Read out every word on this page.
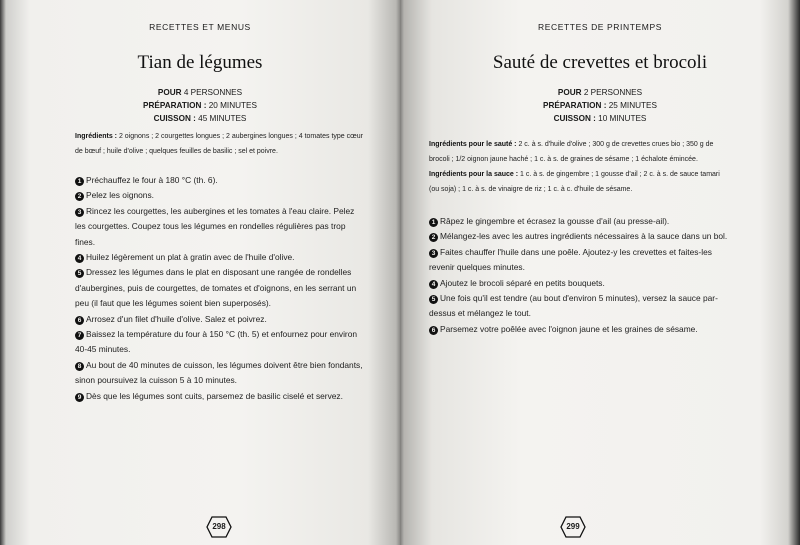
RECETTES ET MENUS
Tian de légumes
POUR 4 PERSONNES
PRÉPARATION : 20 MINUTES
CUISSON : 45 MINUTES
Ingrédients : 2 oignons ; 2 courgettes longues ; 2 aubergines longues ; 4 tomates type cœur de bœuf ; huile d'olive ; quelques feuilles de basilic ; sel et poivre.

1 Préchauffez le four à 180 °C (th. 6).

2 Pelez les oignons.

3 Rincez les courgettes, les aubergines et les tomates à l'eau claire. Pelez les courgettes. Coupez tous les légumes en rondelles régulières pas trop fines.

4 Huilez légèrement un plat à gratin avec de l'huile d'olive.

5 Dressez les légumes dans le plat en disposant une rangée de rondelles d'aubergines, puis de courgettes, de tomates et d'oignons, en les serrant un peu (il faut que les légumes soient bien superposés).

6 Arrosez d'un filet d'huile d'olive. Salez et poivrez.

7 Baissez la température du four à 150 °C (th. 5) et enfournez pour environ 40-45 minutes.

8 Au bout de 40 minutes de cuisson, les légumes doivent être bien fondants, sinon poursuivez la cuisson 5 à 10 minutes.

9 Dès que les légumes sont cuits, parsemez de basilic ciselé et servez.

298
RECETTES DE PRINTEMPS
Sauté de crevettes et brocoli
POUR 2 PERSONNES
PRÉPARATION : 25 MINUTES
CUISSON : 10 MINUTES
Ingrédients pour le sauté : 2 c. à s. d'huile d'olive ; 300 g de crevettes crues bio ; 350 g de brocoli ; 1/2 oignon jaune haché ; 1 c. à s. de graines de sésame ; 1 échalote émincée.
Ingrédients pour la sauce : 1 c. à s. de gingembre ; 1 gousse d'ail ; 2 c. à s. de sauce tamari (ou soja) ; 1 c. à s. de vinaigre de riz ; 1 c. à c. d'huile de sésame.

1 Râpez le gingembre et écrasez la gousse d'ail (au presse-ail).

2 Mélangez-les avec les autres ingrédients nécessaires à la sauce dans un bol.

3 Faites chauffer l'huile dans une poêle. Ajoutez-y les crevettes et faites-les revenir quelques minutes.

4 Ajoutez le brocoli séparé en petits bouquets.

5 Une fois qu'il est tendre (au bout d'environ 5 minutes), versez la sauce par-dessus et mélangez le tout.

6 Parsemez votre poêlée avec l'oignon jaune et les graines de sésame.

299
